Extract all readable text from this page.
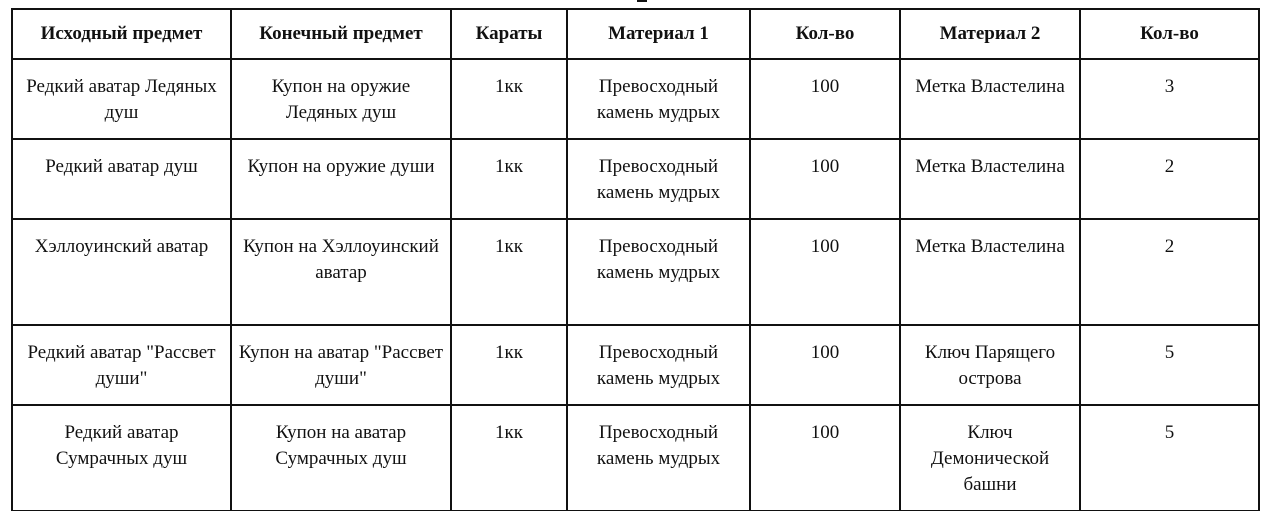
Исходный предмет	Конечный предмет	Караты	Материал 1	Кол-во	Материал 2	Кол-во
Редкий аватар Ледяных душ	Купон на оружие Ледяных душ	1кк	Превосходный камень мудрых	100	Метка Властелина	3
Редкий аватар душ	Купон на оружие души	1кк	Превосходный камень мудрых	100	Метка Властелина	2
Хэллоуинский аватар	Купон на Хэллоуинский аватар	1кк	Превосходный камень мудрых	100	Метка Властелина	2
Редкий аватар "Рассвет души"	Купон на аватар "Рассвет души"	1кк	Превосходный камень мудрых	100	Ключ Парящего острова	5
Редкий аватар Сумрачных душ	Купон на аватар Сумрачных душ	1кк	Превосходный камень мудрых	100	Ключ Демонической башни	5
